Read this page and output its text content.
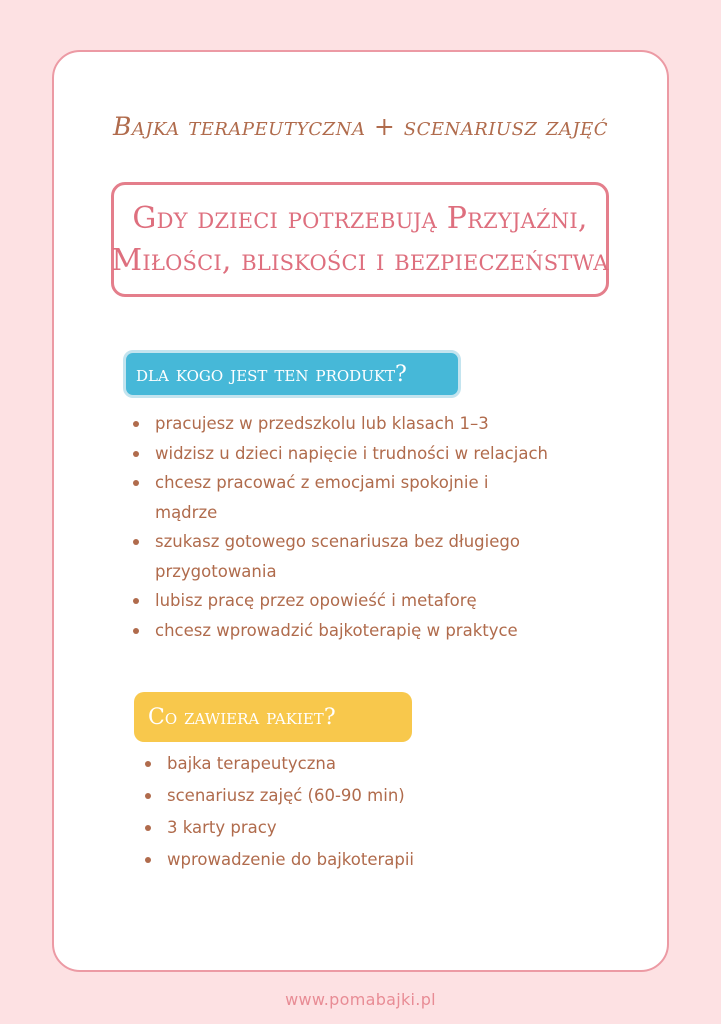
Bajka terapeutyczna + scenariusz zajęć
Gdy dzieci potrzebują Przyjaźni,
Miłości, bliskości i bezpieczeństwa
dla kogo jest ten produkt?
pracujesz w przedszkolu lub klasach 1–3
widzisz u dzieci napięcie i trudności w relacjach
chcesz pracować z emocjami spokojnie i
mądrze
szukasz gotowego scenariusza bez długiego
przygotowania
lubisz pracę przez opowieść i metaforę
chcesz wprowadzić bajkoterapię w praktyce
Co zawiera pakiet?
bajka terapeutyczna
scenariusz zajęć (60-90 min)
3 karty pracy
wprowadzenie do bajkoterapii
www.pomabajki.pl
